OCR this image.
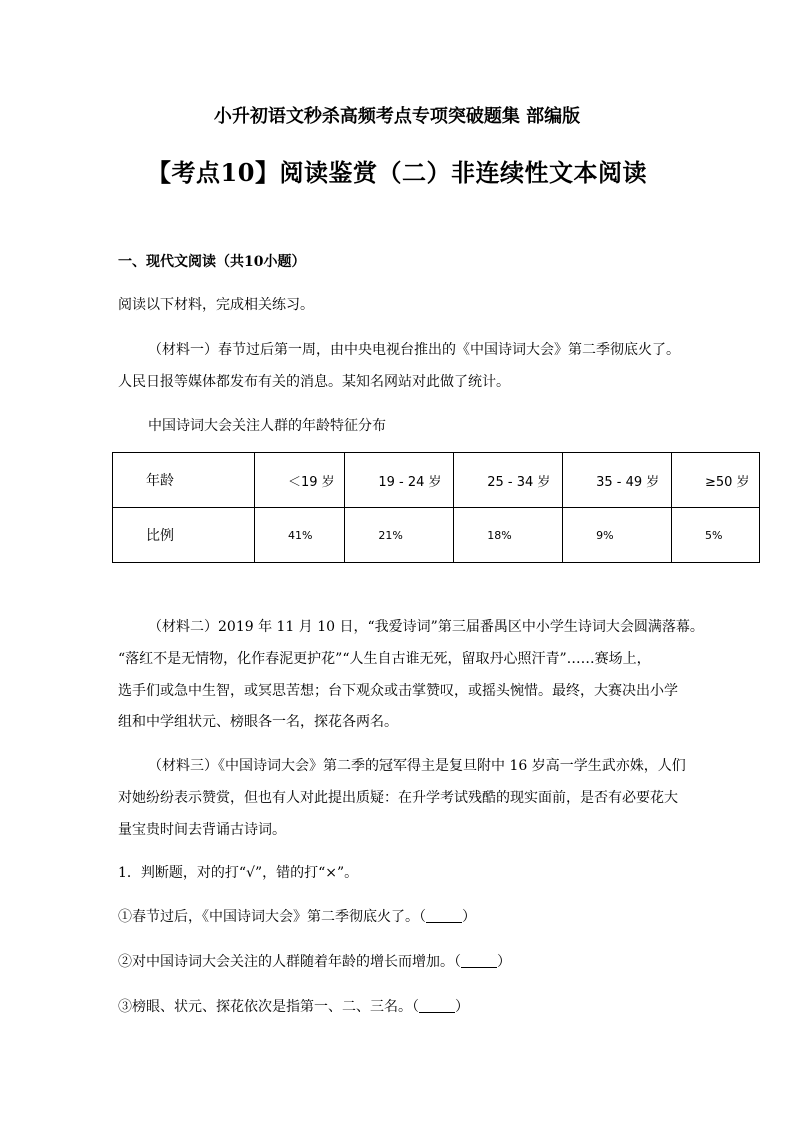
小升初语文秒杀高频考点专项突破题集 部编版
【考点10】阅读鉴赏（二）非连续性文本阅读
一、现代文阅读（共10小题）
阅读以下材料，完成相关练习。
（材料一）春节过后第一周，由中央电视台推出的《中国诗词大会》第二季彻底火了。
人民日报等媒体都发布有关的消息。某知名网站对此做了统计。
中国诗词大会关注人群的年龄特征分布
年龄	＜19 岁	19 - 24 岁	25 - 34 岁	35 - 49 岁	≥50 岁
比例	41%	21%	18%	9%	5%
（材料二）2019 年 11 月 10 日，“我爱诗词”第三届番禺区中小学生诗词大会圆满落幕。
“落红不是无情物，化作春泥更护花”“人生自古谁无死，留取丹心照汗青”……赛场上，
选手们或急中生智，或冥思苦想；台下观众或击掌赞叹，或摇头惋惜。最终，大赛决出小学
组和中学组状元、榜眼各一名，探花各两名。
（材料三）《中国诗词大会》第二季的冠军得主是复旦附中 16 岁高一学生武亦姝，人们
对她纷纷表示赞赏，但也有人对此提出质疑：在升学考试残酷的现实面前，是否有必要花大
量宝贵时间去背诵古诗词。
1．判断题，对的打“√”，错的打“×”。
①春节过后，《中国诗词大会》第二季彻底火了。（	）
②对中国诗词大会关注的人群随着年龄的增长而增加。（	）
③榜眼、状元、探花依次是指第一、二、三名。（	）
